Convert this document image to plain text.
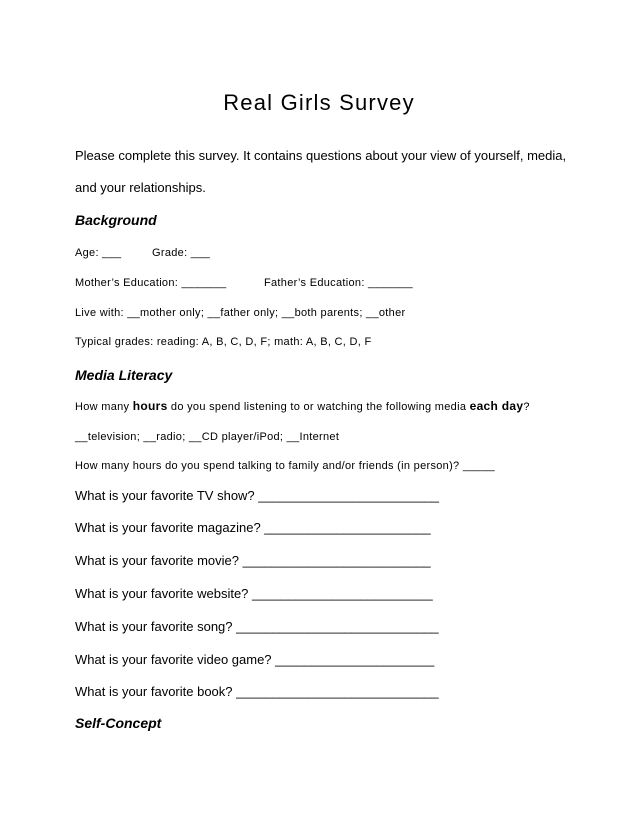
Real Girls Survey
Please complete this survey. It contains questions about your view of yourself, media,
and your relationships.
Background
Age: ___	Grade: ___
Mother’s Education: _______	Father’s Education: _______
Live with: __mother only; __father only; __both parents; __other
Typical grades: reading: A, B, C, D, F; math: A, B, C, D, F
Media Literacy
How many hours do you spend listening to or watching the following media each day?
__television; __radio; __CD player/iPod; __Internet
How many hours do you spend talking to family and/or friends (in person)? _____
What is your favorite TV show? _________________________
What is your favorite magazine? _______________________
What is your favorite movie? __________________________
What is your favorite website? _________________________
What is your favorite song? ____________________________
What is your favorite video game? ______________________
What is your favorite book? ____________________________
Self-Concept
